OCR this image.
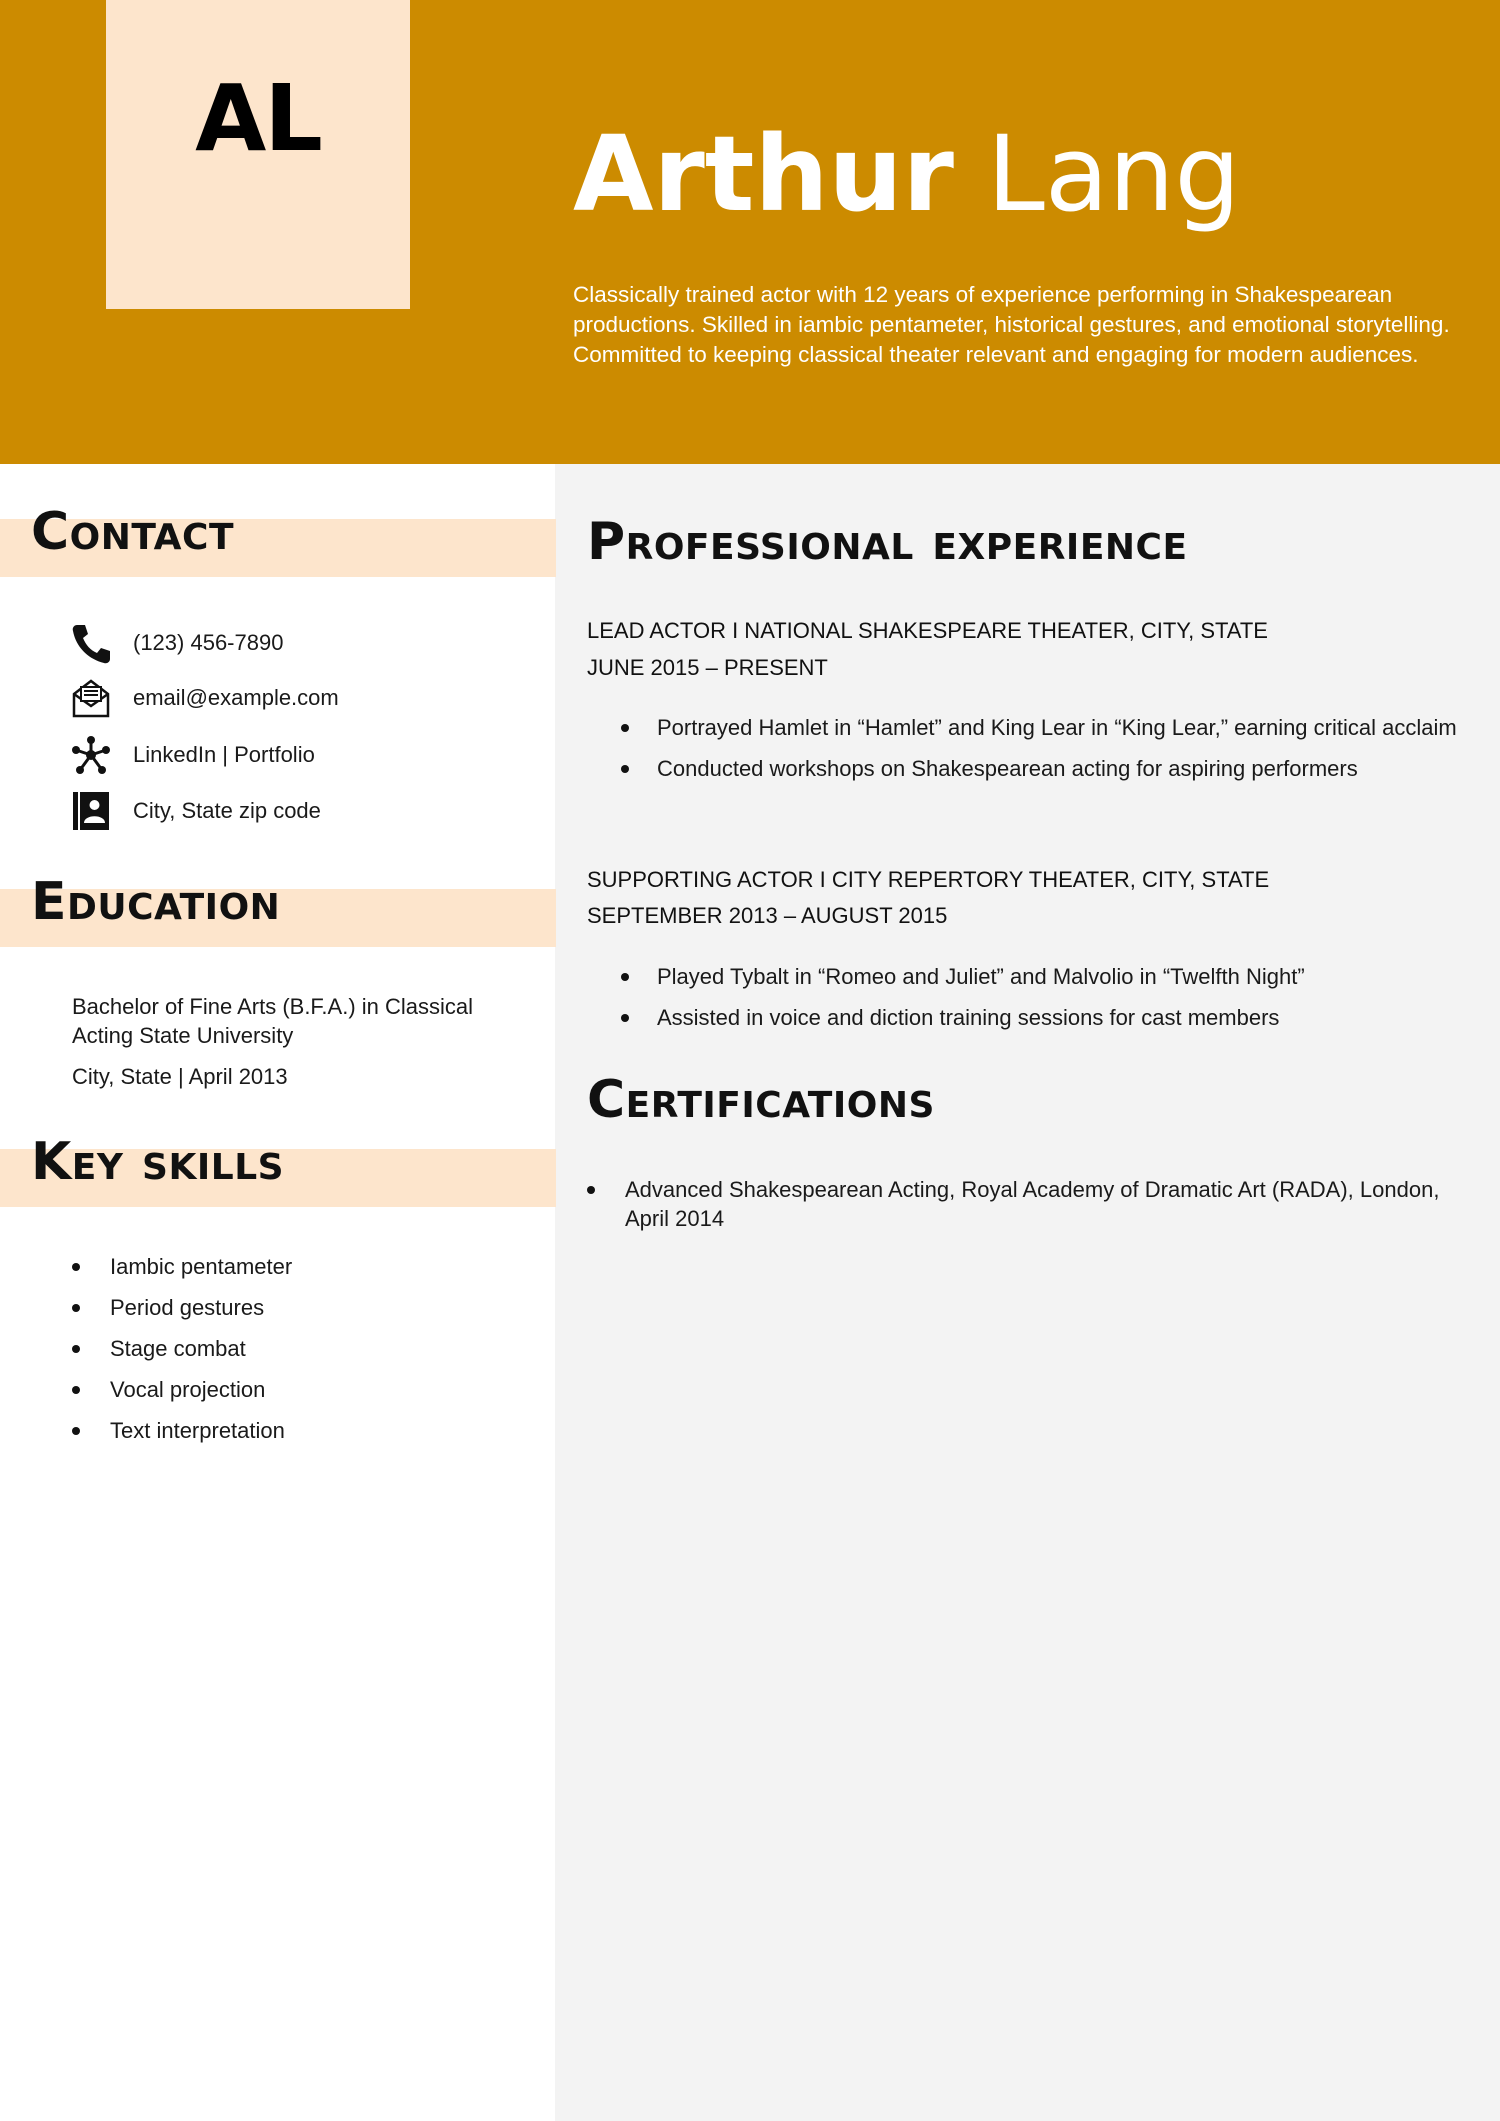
AL Arthur Lang
Classically trained actor with 12 years of experience performing in Shakespearean productions. Skilled in iambic pentameter, historical gestures, and emotional storytelling. Committed to keeping classical theater relevant and engaging for modern audiences.
Contact
(123) 456-7890
email@example.com
LinkedIn | Portfolio
City, State zip code
Education
Bachelor of Fine Arts (B.F.A.) in Classical Acting State University
City, State | April 2013
Key skills
Iambic pentameter
Period gestures
Stage combat
Vocal projection
Text interpretation
Professional experience
LEAD ACTOR I NATIONAL SHAKESPEARE THEATER, CITY, STATE
JUNE 2015 – PRESENT
Portrayed Hamlet in “Hamlet” and King Lear in “King Lear,” earning critical acclaim
Conducted workshops on Shakespearean acting for aspiring performers
SUPPORTING ACTOR I CITY REPERTORY THEATER, CITY, STATE
SEPTEMBER 2013 – AUGUST 2015
Played Tybalt in “Romeo and Juliet” and Malvolio in “Twelfth Night”
Assisted in voice and diction training sessions for cast members
Certifications
Advanced Shakespearean Acting, Royal Academy of Dramatic Art (RADA), London, April 2014
